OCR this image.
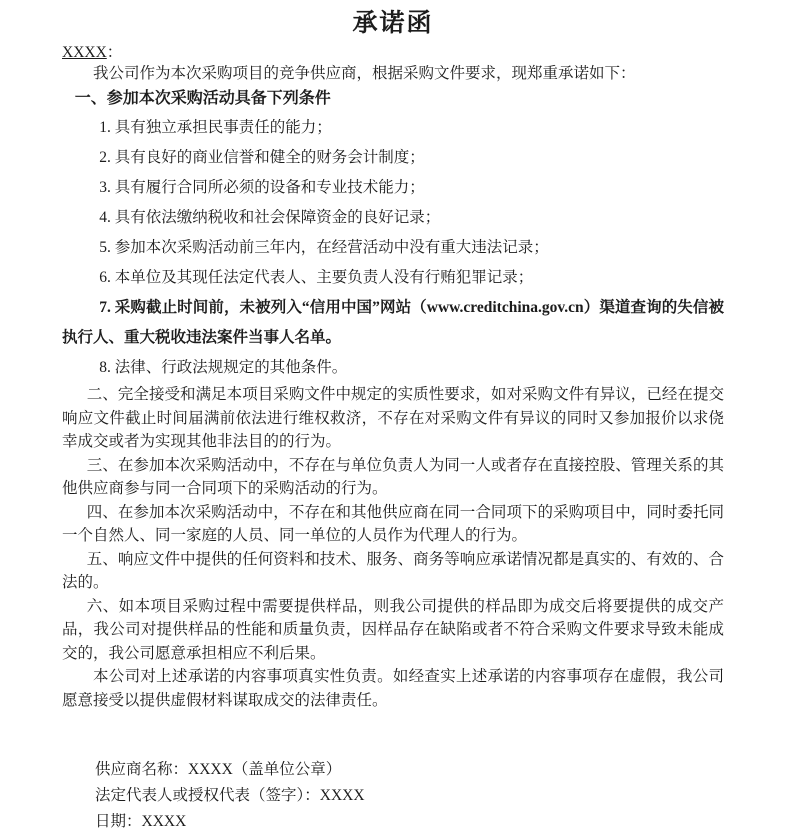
承诺函

XXXX：

我公司作为本次采购项目的竞争供应商，根据采购文件要求，现郑重承诺如下：

一、参加本次采购活动具备下列条件

1. 具有独立承担民事责任的能力；

2. 具有良好的商业信誉和健全的财务会计制度；

3. 具有履行合同所必须的设备和专业技术能力；

4. 具有依法缴纳税收和社会保障资金的良好记录；

5. 参加本次采购活动前三年内，在经营活动中没有重大违法记录；

6. 本单位及其现任法定代表人、主要负责人没有行贿犯罪记录；

7. 采购截止时间前，未被列入“信用中国”网站（www.creditchina.gov.cn）渠道查询的失信被执行人、重大税收违法案件当事人名单。

8. 法律、行政法规规定的其他条件。

二、完全接受和满足本项目采购文件中规定的实质性要求，如对采购文件有异议，已经在提交响应文件截止时间届满前依法进行维权救济，不存在对采购文件有异议的同时又参加报价以求侥幸成交或者为实现其他非法目的的行为。

三、在参加本次采购活动中，不存在与单位负责人为同一人或者存在直接控股、管理关系的其他供应商参与同一合同项下的采购活动的行为。

四、在参加本次采购活动中，不存在和其他供应商在同一合同项下的采购项目中，同时委托同一个自然人、同一家庭的人员、同一单位的人员作为代理人的行为。

五、响应文件中提供的任何资料和技术、服务、商务等响应承诺情况都是真实的、有效的、合法的。

六、如本项目采购过程中需要提供样品，则我公司提供的样品即为成交后将要提供的成交产品，我公司对提供样品的性能和质量负责，因样品存在缺陷或者不符合采购文件要求导致未能成交的，我公司愿意承担相应不利后果。

本公司对上述承诺的内容事项真实性负责。如经查实上述承诺的内容事项存在虚假，我公司愿意接受以提供虚假材料谋取成交的法律责任。

供应商名称：XXXX（盖单位公章）

法定代表人或授权代表（签字）：XXXX

日期：XXXX
